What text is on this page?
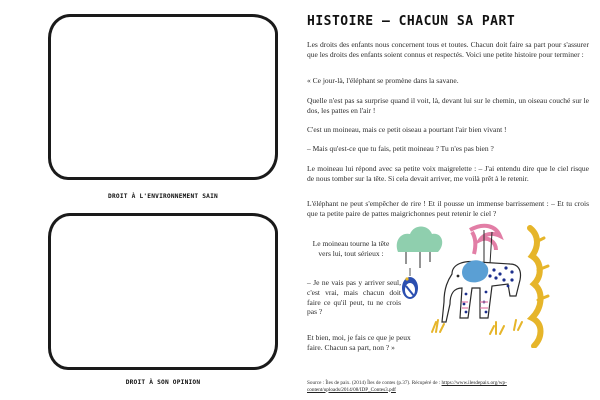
DROIT À L'ENVIRONNEMENT SAIN
DROIT À SON OPINION
HISTOIRE – CHACUN SA PART

Les droits des enfants nous concernent tous et toutes. Chacun doit faire sa part pour s'assurer que les droits des enfants soient connus et respectés. Voici une petite histoire pour terminer :

« Ce jour-là, l'éléphant se promène dans la savane.

Quelle n'est pas sa surprise quand il voit, là, devant lui sur le chemin, un oiseau couché sur le dos, les pattes en l'air !

C'est un moineau, mais ce petit oiseau a pourtant l'air bien vivant !

– Mais qu'est-ce que tu fais, petit moineau ? Tu n'es pas bien ?

Le moineau lui répond avec sa petite voix maigrelette : – J'ai entendu dire que le ciel risque de nous tomber sur la tête. Si cela devait arriver, me voilà prêt à le retenir.

L'éléphant ne peut s'empêcher de rire ! Et il pousse un immense barrissement : – Et tu crois que ta petite paire de pattes maigrichonnes peut retenir le ciel ?

Le moineau tourne la tête vers lui, tout sérieux :

– Je ne vais pas y arriver seul, c'est vrai, mais chacun doit faire ce qu'il peut, tu ne crois pas ?

Et bien, moi, je fais ce que je peux faire. Chacun sa part, non ? »

Source : Îles de paix. (2014) Îles de contes (p.37). Récupéré de : https://www.ilesdepaix.org/wp-content/uploads/2014/08/IDP_Contes3.pdf
